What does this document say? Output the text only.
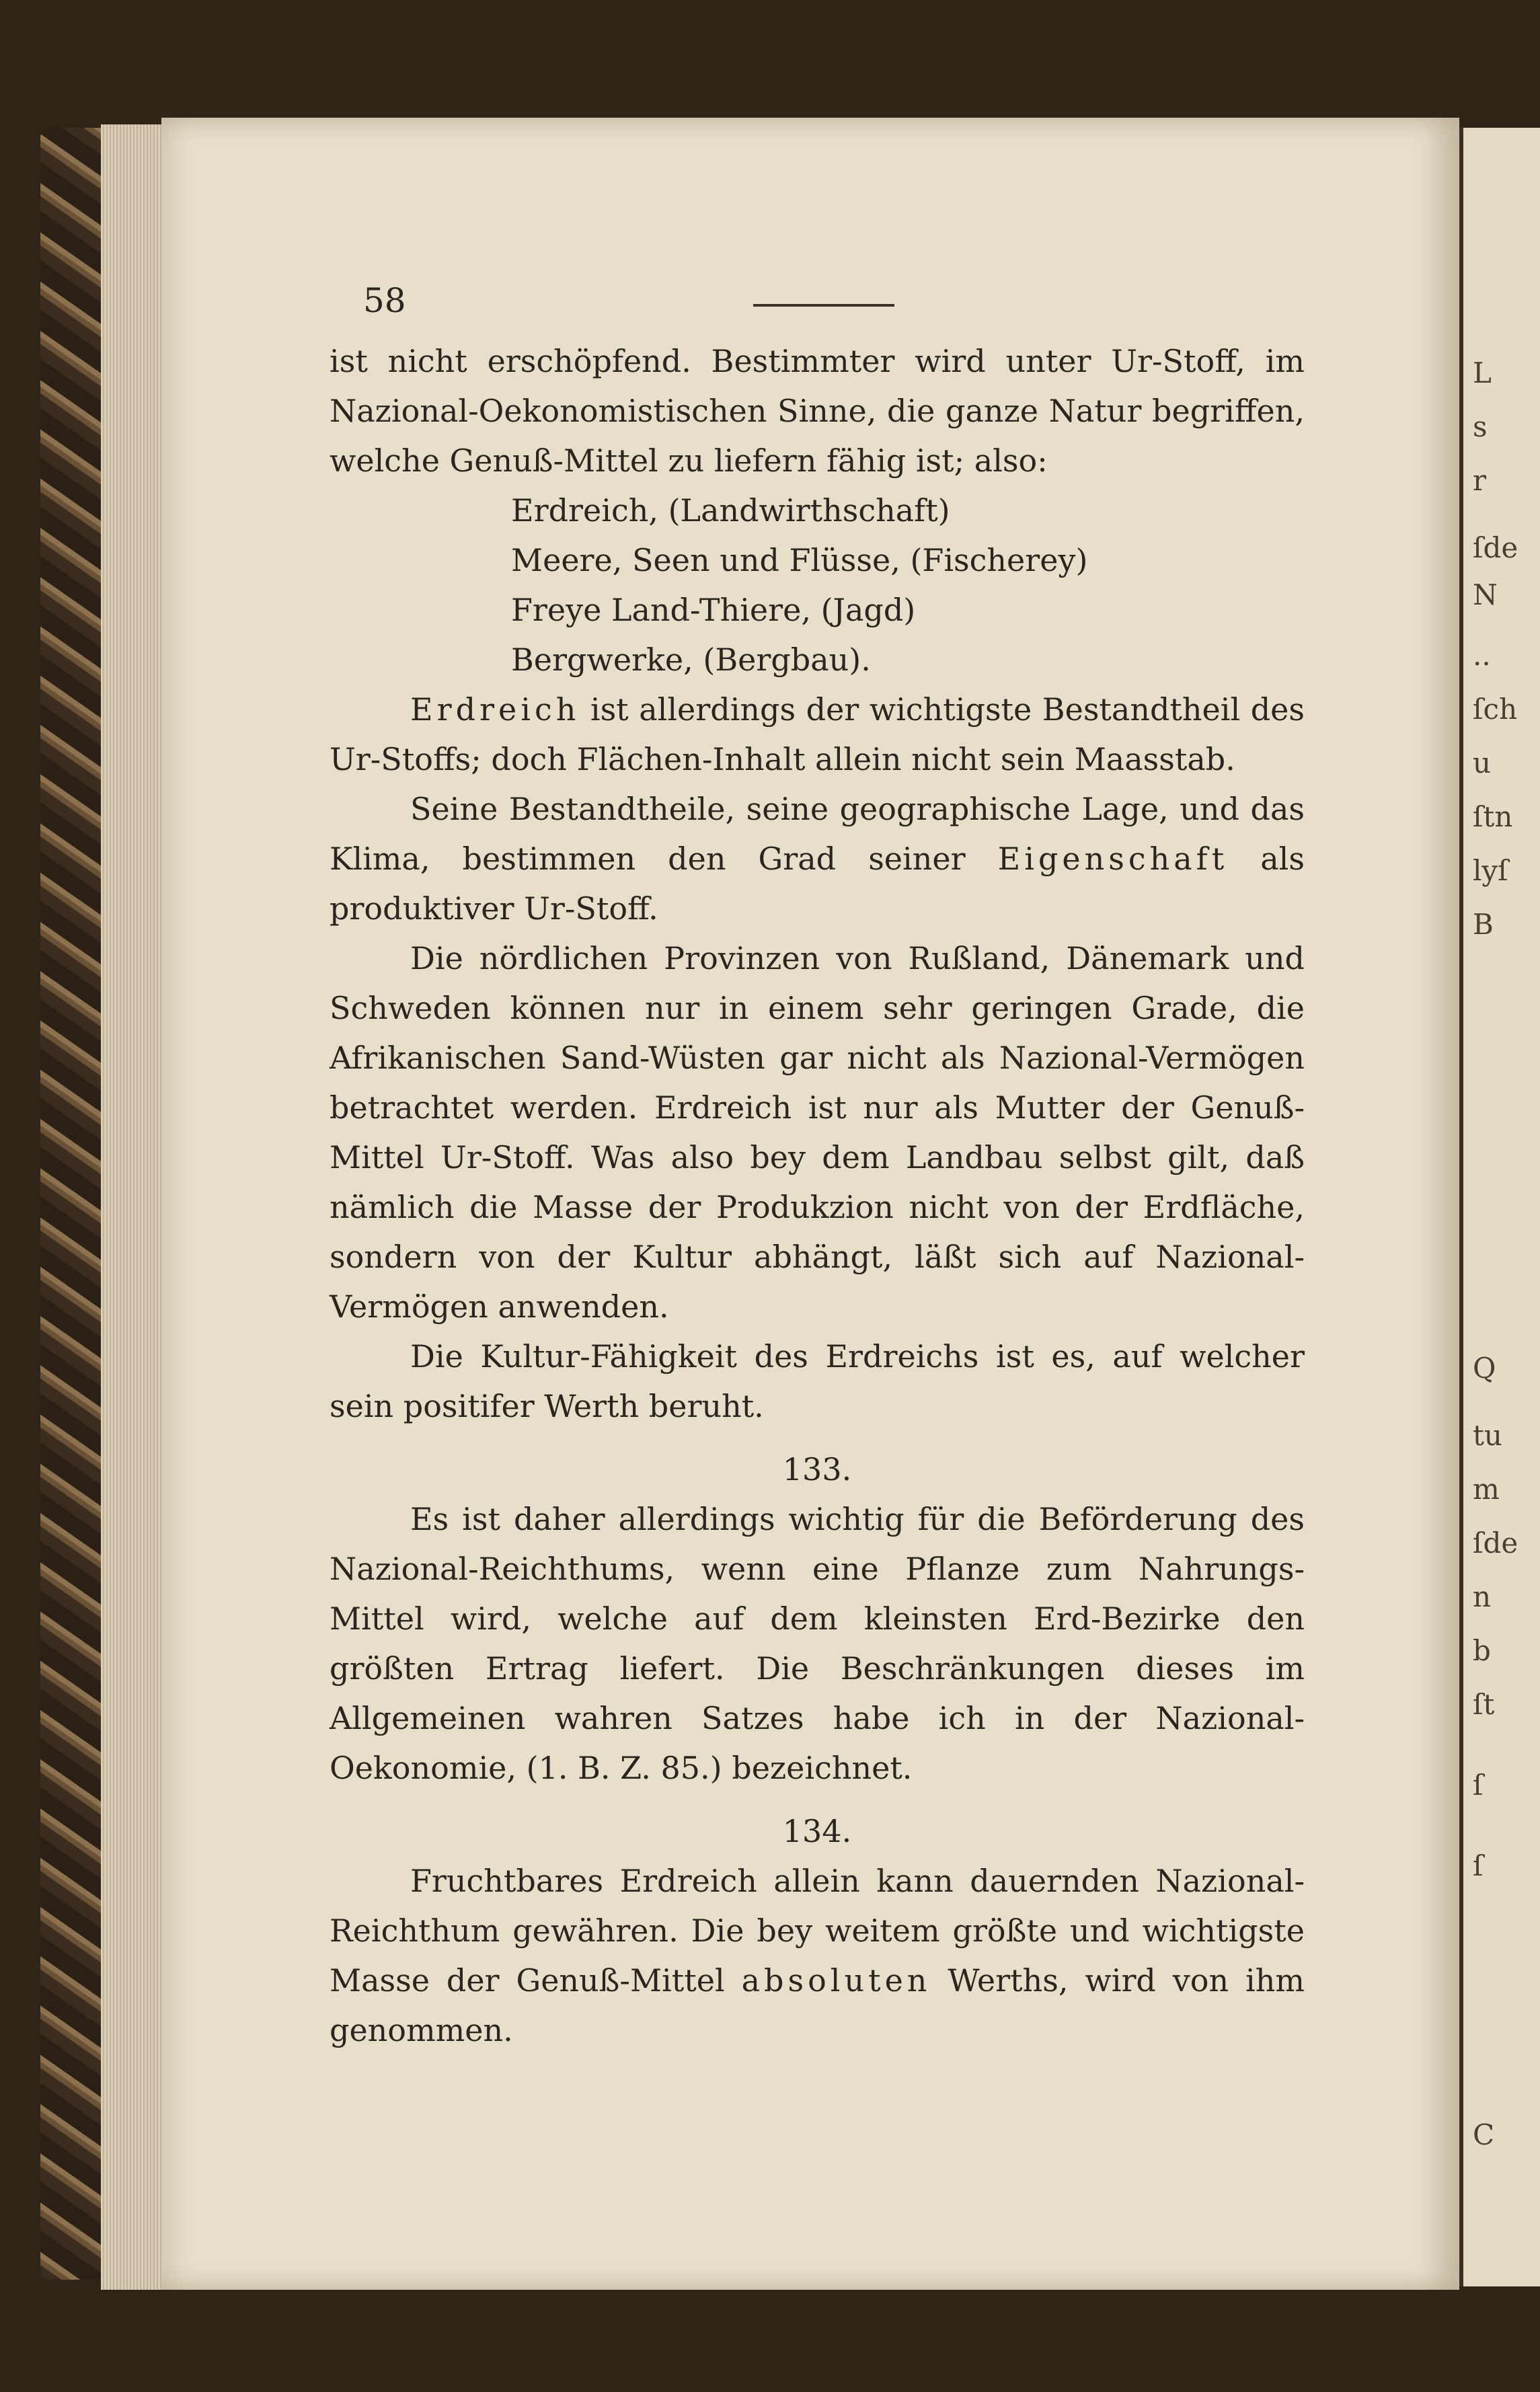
L
s
r
ſde
N
..
ſch
u
ſtn
lyſ
B
Q
tu
m
ſde
n
b
ſt
ſ
ſ
C
58

ist nicht erschöpfend. Bestimmter wird unter Ur-Stoff, im Nazional-Oekonomistischen Sinne, die ganze Natur begriffen, welche Genuß-Mittel zu liefern fähig ist; also:

Erdreich, (Landwirthschaft)
Meere, Seen und Flüsse, (Fischerey)
Freye Land-Thiere, (Jagd)
Bergwerke, (Bergbau).

Erdreich ist allerdings der wichtigste Bestandtheil des Ur-Stoffs; doch Flächen-Inhalt allein nicht sein Maasstab.

Seine Bestandtheile, seine geographische Lage, und das Klima, bestimmen den Grad seiner Eigenschaft als produktiver Ur-Stoff.

Die nördlichen Provinzen von Rußland, Dänemark und Schweden können nur in einem sehr geringen Grade, die Afrikanischen Sand-Wüsten gar nicht als Nazional-Vermögen betrachtet werden. Erdreich ist nur als Mutter der Genuß-Mittel Ur-Stoff. Was also bey dem Landbau selbst gilt, daß nämlich die Masse der Produkzion nicht von der Erdfläche, sondern von der Kultur abhängt, läßt sich auf Nazional-Vermögen anwenden.

Die Kultur-Fähigkeit des Erdreichs ist es, auf welcher sein positifer Werth beruht.

133.

Es ist daher allerdings wichtig für die Beförderung des Nazional-Reichthums, wenn eine Pflanze zum Nahrungs-Mittel wird, welche auf dem kleinsten Erd-Bezirke den größten Ertrag liefert. Die Beschränkungen dieses im Allgemeinen wahren Satzes habe ich in der Nazional-Oekonomie, (1. B. Z. 85.) bezeichnet.

134.

Fruchtbares Erdreich allein kann dauernden Nazional-Reichthum gewähren. Die bey weitem größte und wichtigste Masse der Genuß-Mittel absoluten Werths, wird von ihm genommen.
